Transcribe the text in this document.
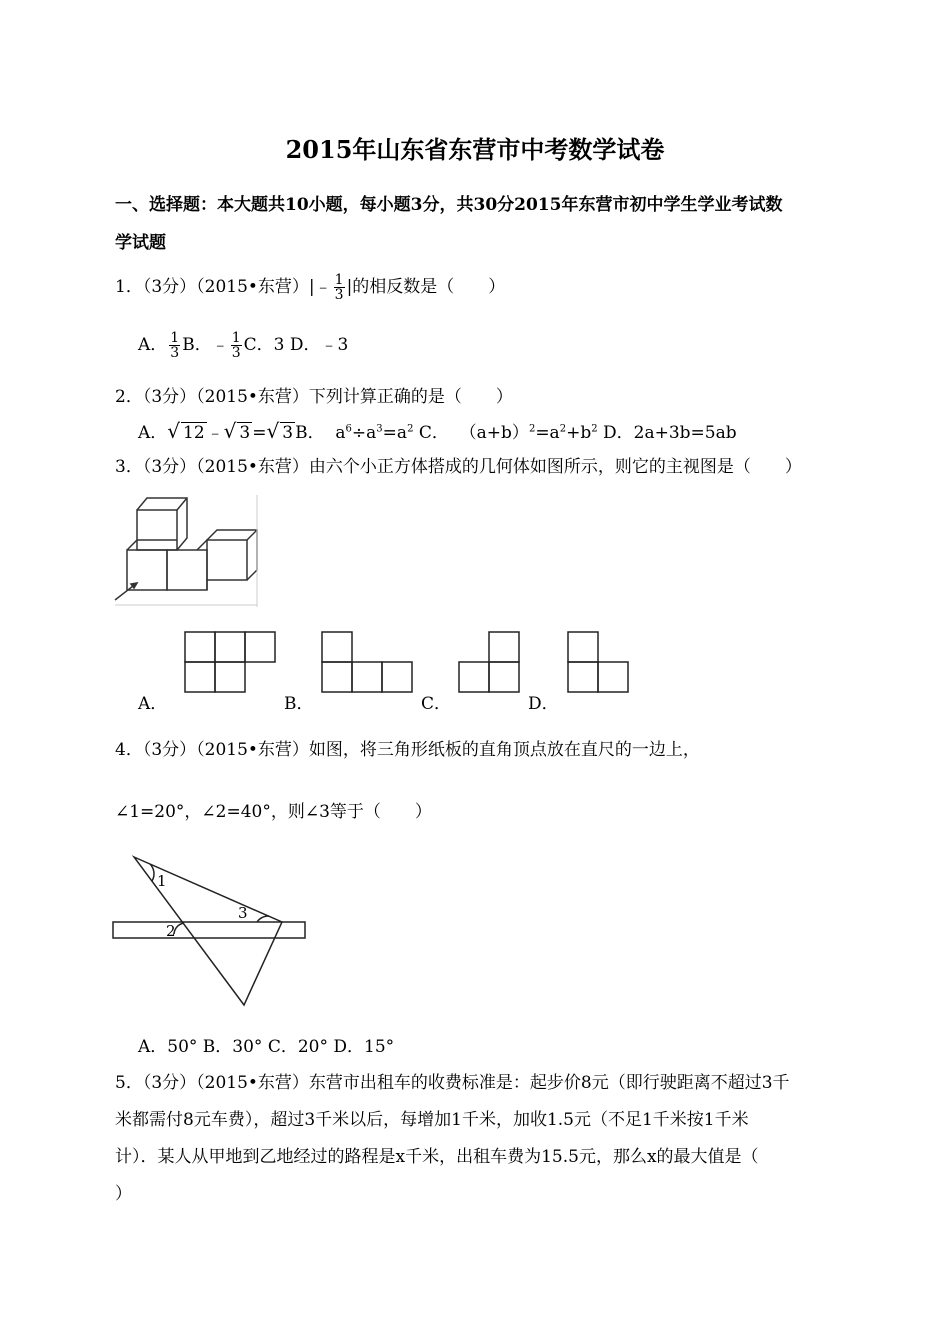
2015年山东省东营市中考数学试卷
一、选择题：本大题共10小题，每小题3分，共30分2015年东营市初中学生学业考试数
学试题
1．（3分）（2015•东营）|﹣ $\frac{1}{3}$ |的相反数是（　　）
A． $\frac{1}{3}$ B．﹣ $\frac{1}{3}$ C．3 D．﹣3
2．（3分）（2015•东营）下列计算正确的是（　　）
A．√ 12 ﹣√ 3 =√ 3 B．  $a^6\div a^3=a^2$ C．  $(a+b)^2=a^2+b^2$ D．2a+3b=5ab
3．（3分）（2015•东营）由六个小正方体搭成的几何体如图所示，则它的主视图是（　　）
A．	B．	C．	D．
4．（3分）（2015•东营）如图，将三角形纸板的直角顶点放在直尺的一边上，
∠1=20°，∠2=40°，则∠3等于（　　）
1
2
3
A．50° B．30° C．20° D．15°
5．（3分）（2015•东营）东营市出租车的收费标准是：起步价8元（即行驶距离不超过3千
米都需付8元车费），超过3千米以后，每增加1千米，加收1.5元（不足1千米按1千米
计）．某人从甲地到乙地经过的路程是x千米，出租车费为15.5元，那么x的最大值是（
）
